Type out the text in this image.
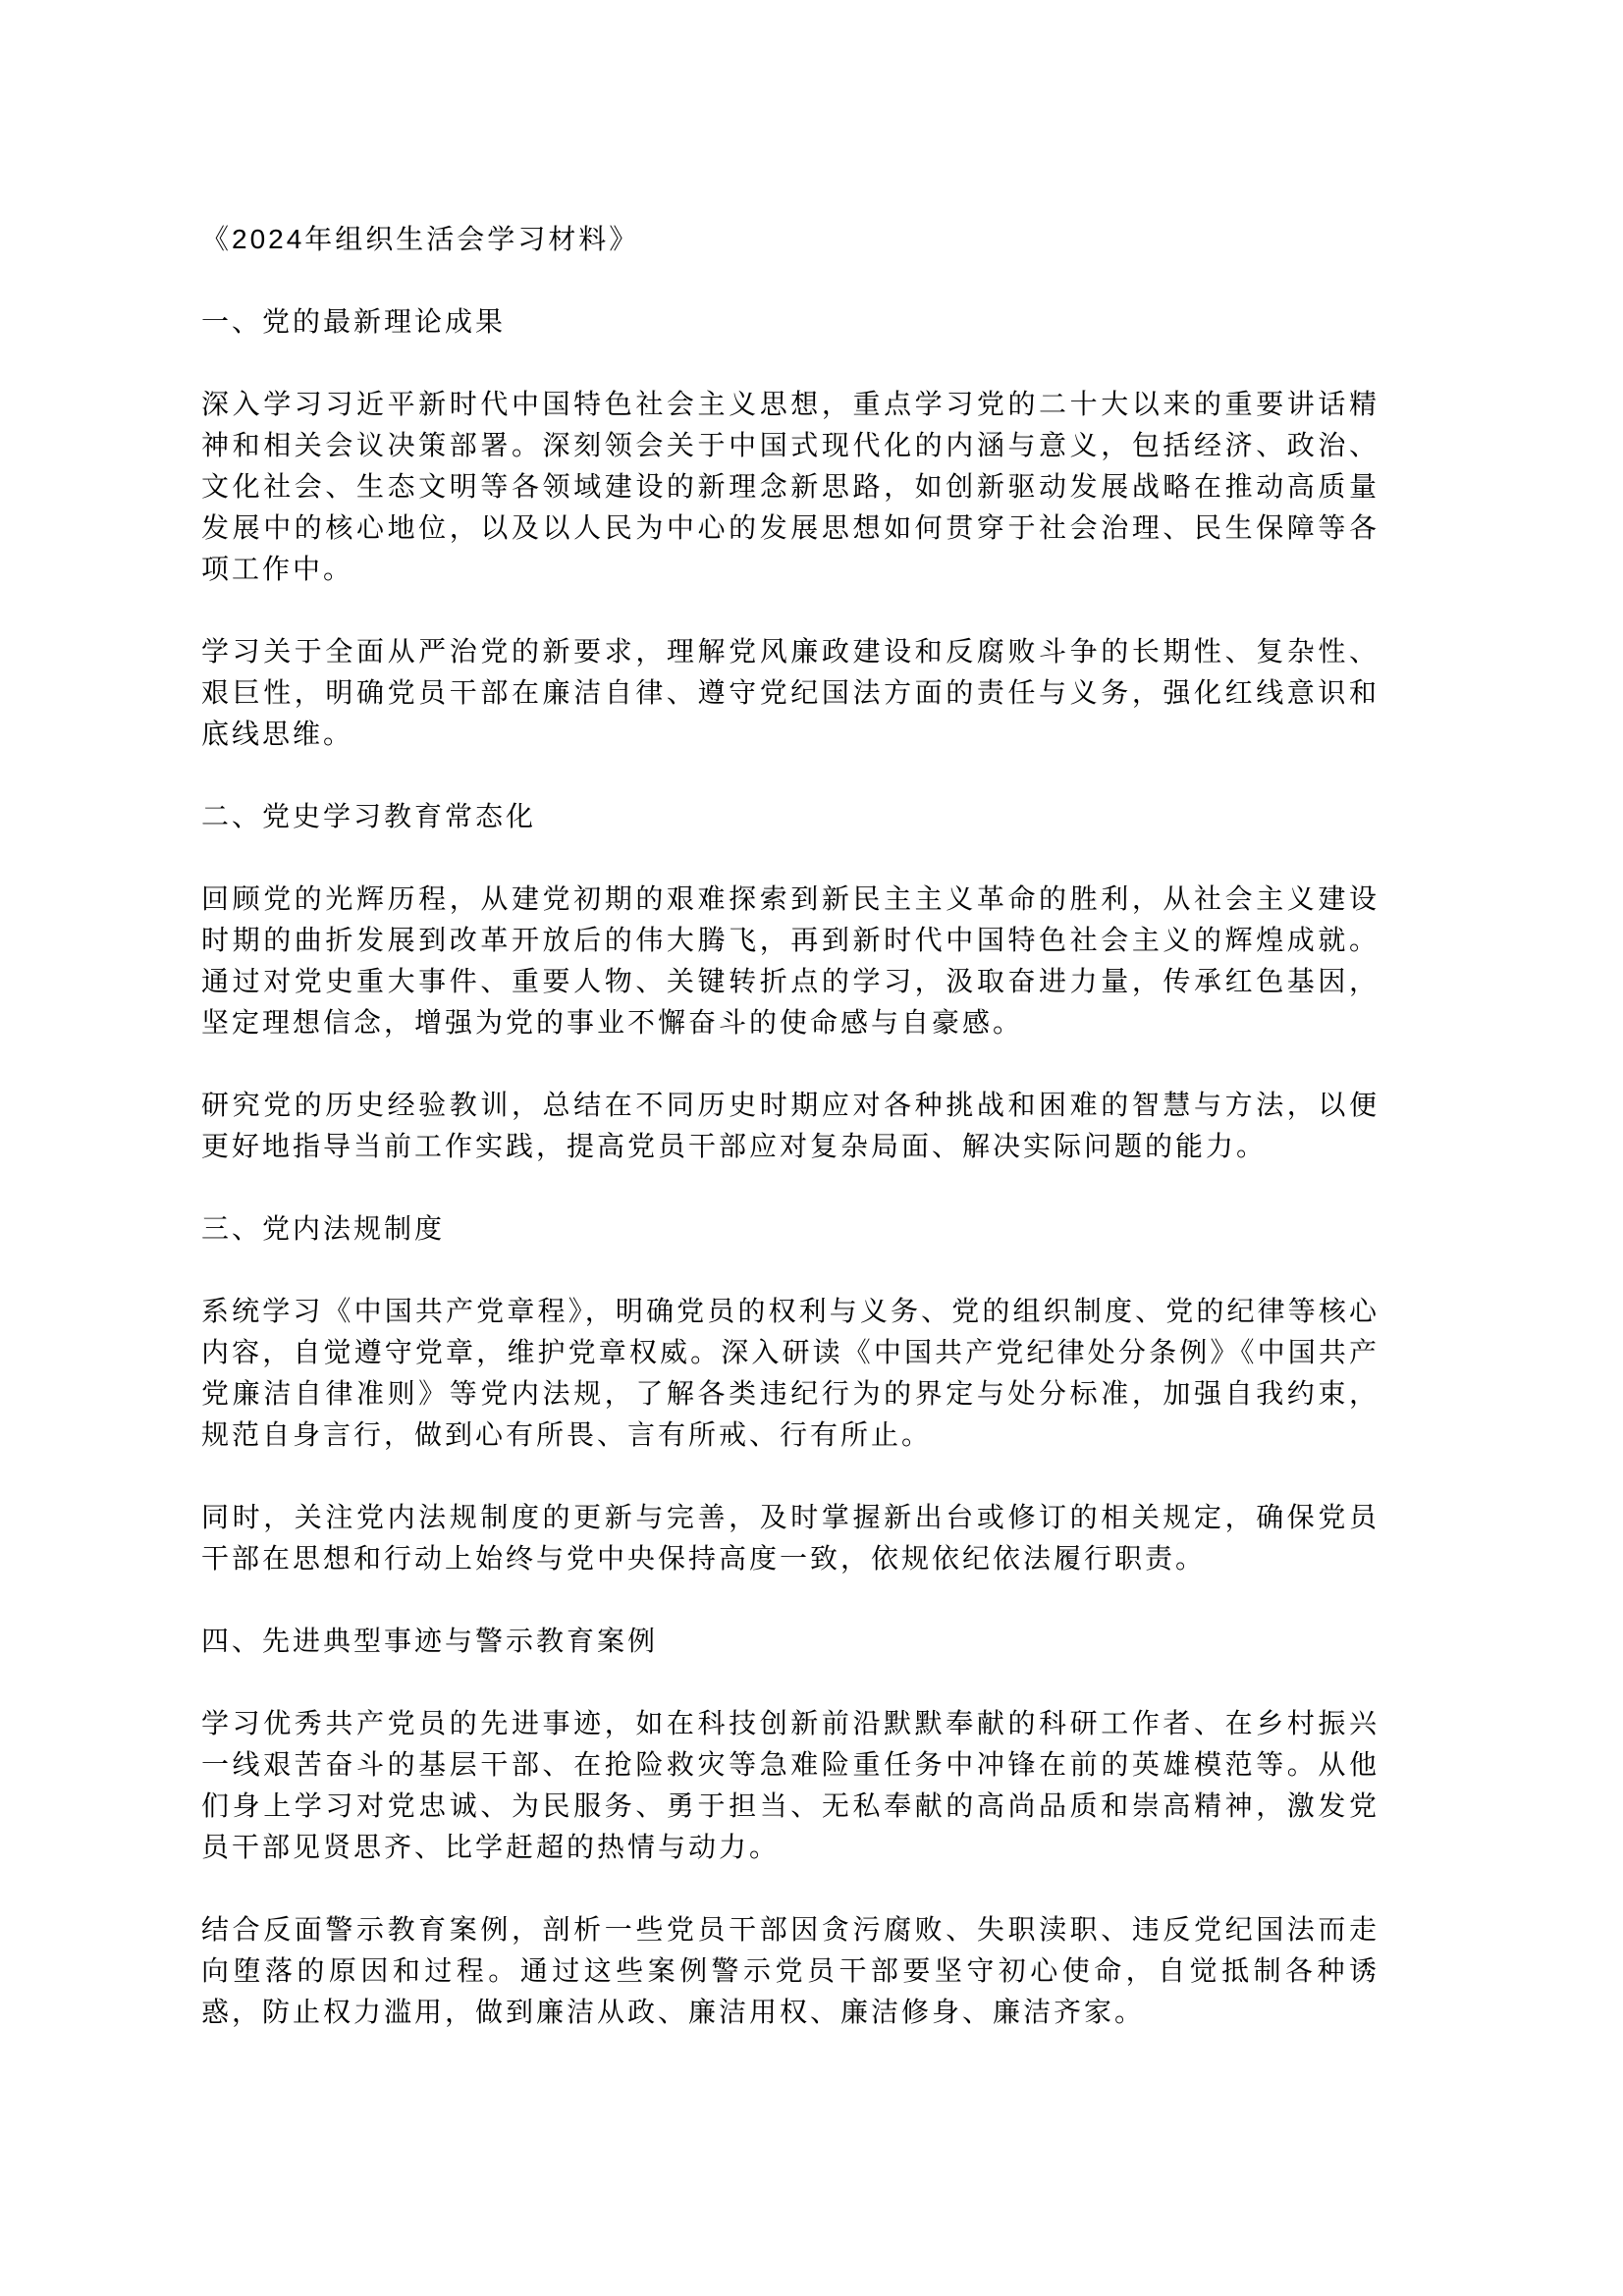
《2024年组织生活会学习材料》

一、党的最新理论成果

深入学习习近平新时代中国特色社会主义思想，重点学习党的二十大以来的重要讲话精神和相关会议决策部署。深刻领会关于中国式现代化的内涵与意义，包括经济、政治、文化社会、生态文明等各领域建设的新理念新思路，如创新驱动发展战略在推动高质量发展中的核心地位，以及以人民为中心的发展思想如何贯穿于社会治理、民生保障等各项工作中。

学习关于全面从严治党的新要求，理解党风廉政建设和反腐败斗争的长期性、复杂性、艰巨性，明确党员干部在廉洁自律、遵守党纪国法方面的责任与义务，强化红线意识和底线思维。

二、党史学习教育常态化

回顾党的光辉历程，从建党初期的艰难探索到新民主主义革命的胜利，从社会主义建设时期的曲折发展到改革开放后的伟大腾飞，再到新时代中国特色社会主义的辉煌成就。通过对党史重大事件、重要人物、关键转折点的学习，汲取奋进力量，传承红色基因，坚定理想信念，增强为党的事业不懈奋斗的使命感与自豪感。

研究党的历史经验教训，总结在不同历史时期应对各种挑战和困难的智慧与方法，以便更好地指导当前工作实践，提高党员干部应对复杂局面、解决实际问题的能力。

三、党内法规制度

系统学习《中国共产党章程》，明确党员的权利与义务、党的组织制度、党的纪律等核心内容，自觉遵守党章，维护党章权威。深入研读《中国共产党纪律处分条例》《中国共产党廉洁自律准则》等党内法规，了解各类违纪行为的界定与处分标准，加强自我约束，规范自身言行，做到心有所畏、言有所戒、行有所止。

同时，关注党内法规制度的更新与完善，及时掌握新出台或修订的相关规定，确保党员干部在思想和行动上始终与党中央保持高度一致，依规依纪依法履行职责。

四、先进典型事迹与警示教育案例

学习优秀共产党员的先进事迹，如在科技创新前沿默默奉献的科研工作者、在乡村振兴一线艰苦奋斗的基层干部、在抢险救灾等急难险重任务中冲锋在前的英雄模范等。从他们身上学习对党忠诚、为民服务、勇于担当、无私奉献的高尚品质和崇高精神，激发党员干部见贤思齐、比学赶超的热情与动力。

结合反面警示教育案例，剖析一些党员干部因贪污腐败、失职渎职、违反党纪国法而走向堕落的原因和过程。通过这些案例警示党员干部要坚守初心使命，自觉抵制各种诱惑，防止权力滥用，做到廉洁从政、廉洁用权、廉洁修身、廉洁齐家。
